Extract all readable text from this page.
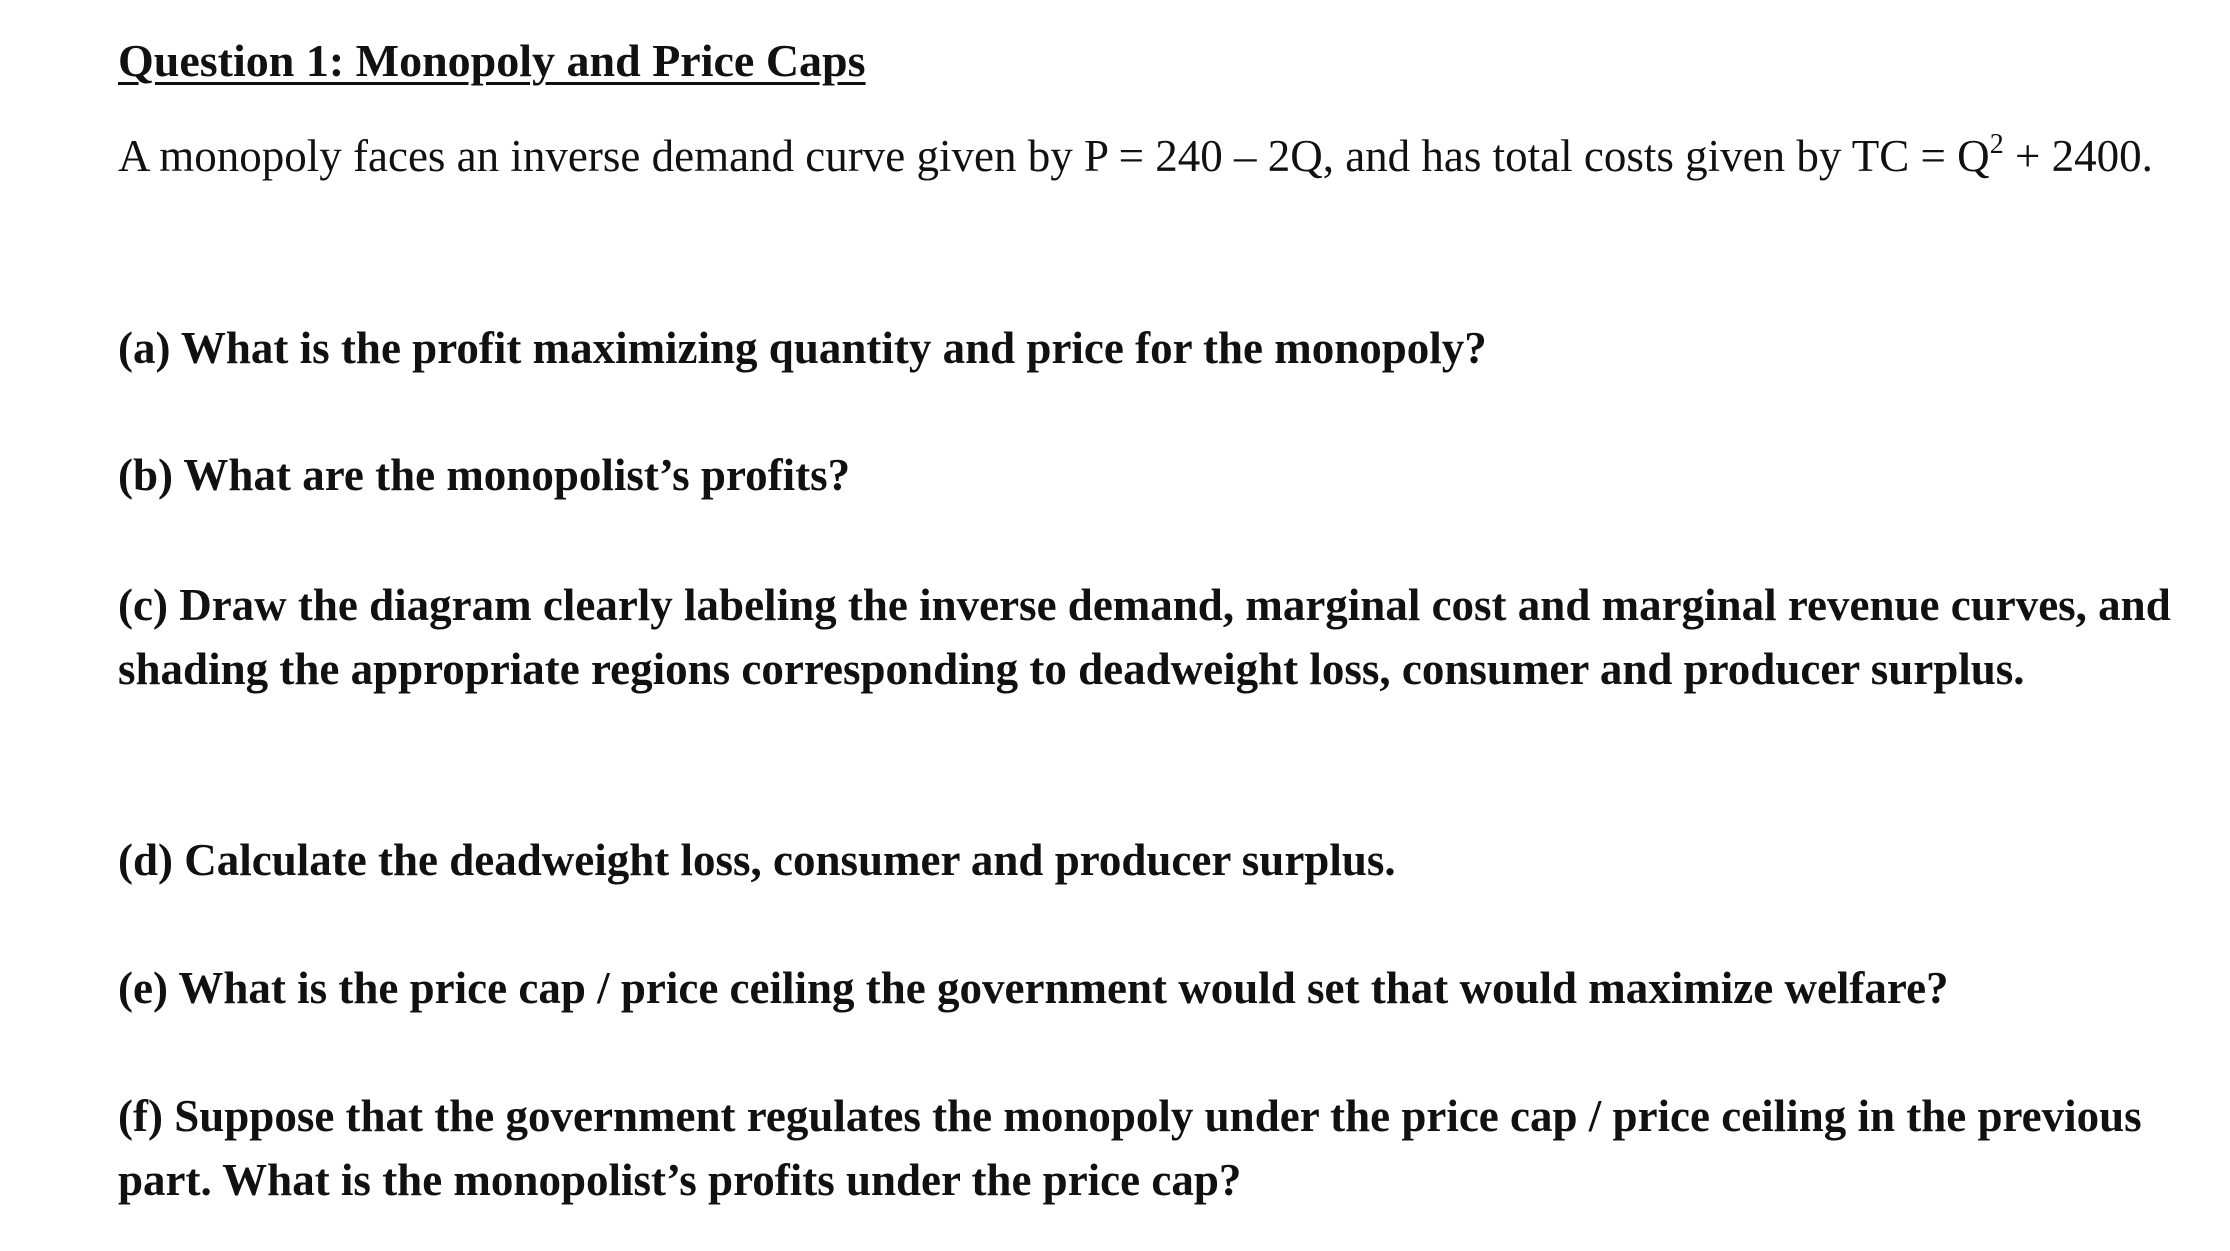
Question 1: Monopoly and Price Caps

A monopoly faces an inverse demand curve given by P = 240 – 2Q, and has total costs given by TC = $Q^2 + 2400$.

(a) What is the profit maximizing quantity and price for the monopoly?

(b) What are the monopolist’s profits?

(c) Draw the diagram clearly labeling the inverse demand, marginal cost and marginal revenue curves, and shading the appropriate regions corresponding to deadweight loss, consumer and producer surplus.

(d) Calculate the deadweight loss, consumer and producer surplus.

(e) What is the price cap / price ceiling the government would set that would maximize welfare?

(f) Suppose that the government regulates the monopoly under the price cap / price ceiling in the previous part. What is the monopolist’s profits under the price cap?
